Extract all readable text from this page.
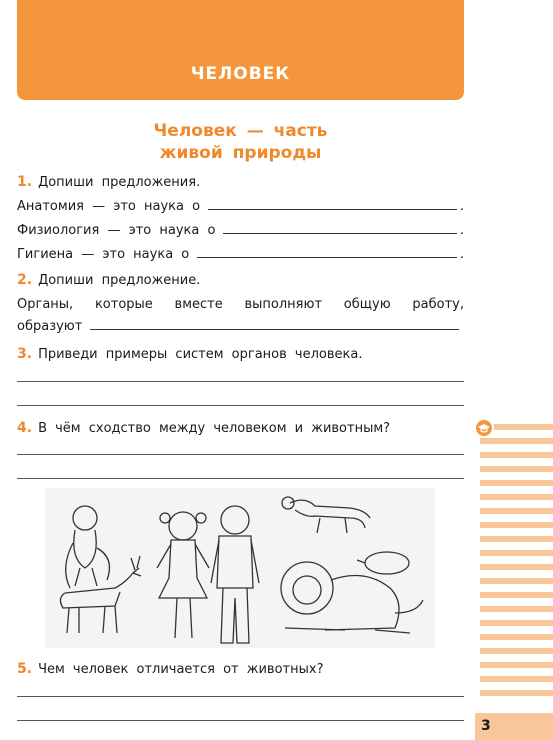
ЧЕЛОВЕК
Человек — часть
живой природы
1. Допиши предложения.
Анатомия — это наука о	.
Физиология — это наука о	.
Гигиена — это наука о	.
2. Допиши предложение.
Органы, которые вместе выполняют общую работу,
образуют
3. Приведи примеры систем органов человека.
4. В чём сходство между человеком и животным?
5. Чем человек отличается от животных?
3
